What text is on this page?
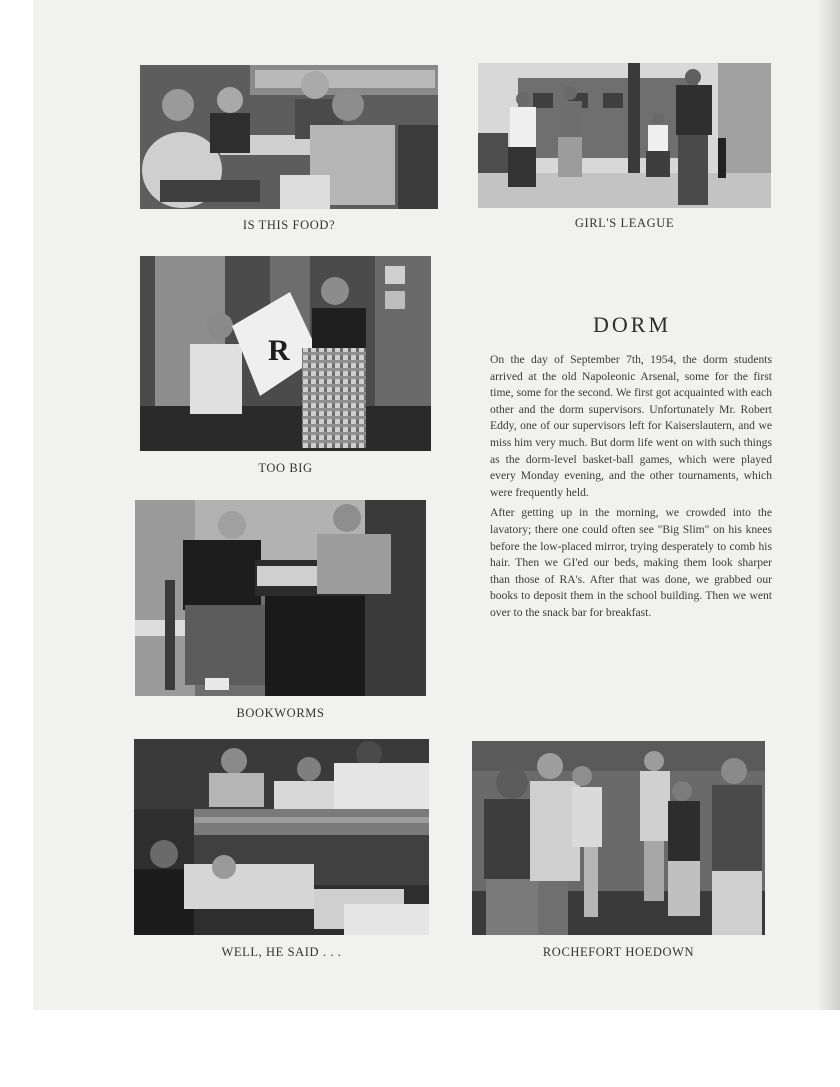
IS THIS FOOD?	GIRL'S LEAGUE
R
TOO BIG
BOOKWORMS
WELL, HE SAID . . .	ROCHEFORT HOEDOWN
DORM

On the day of September 7th, 1954, the dorm students arrived at the old Napoleonic Arsenal, some for the first time, some for the second. We first got acquainted with each other and the dorm supervisors. Unfortunately Mr. Robert Eddy, one of our supervisors left for Kaiserslautern, and we miss him very much. But dorm life went on with such things as the dorm-level basket-ball games, which were played every Monday evening, and the other tournaments, which were frequently held.

After getting up in the morning, we crowded into the lavatory; there one could often see "Big Slim" on his knees before the low-placed mirror, trying desperately to comb his hair. Then we GI'ed our beds, making them look sharper than those of RA's. After that was done, we grabbed our books to deposit them in the school building. Then we went over to the snack bar for breakfast.
